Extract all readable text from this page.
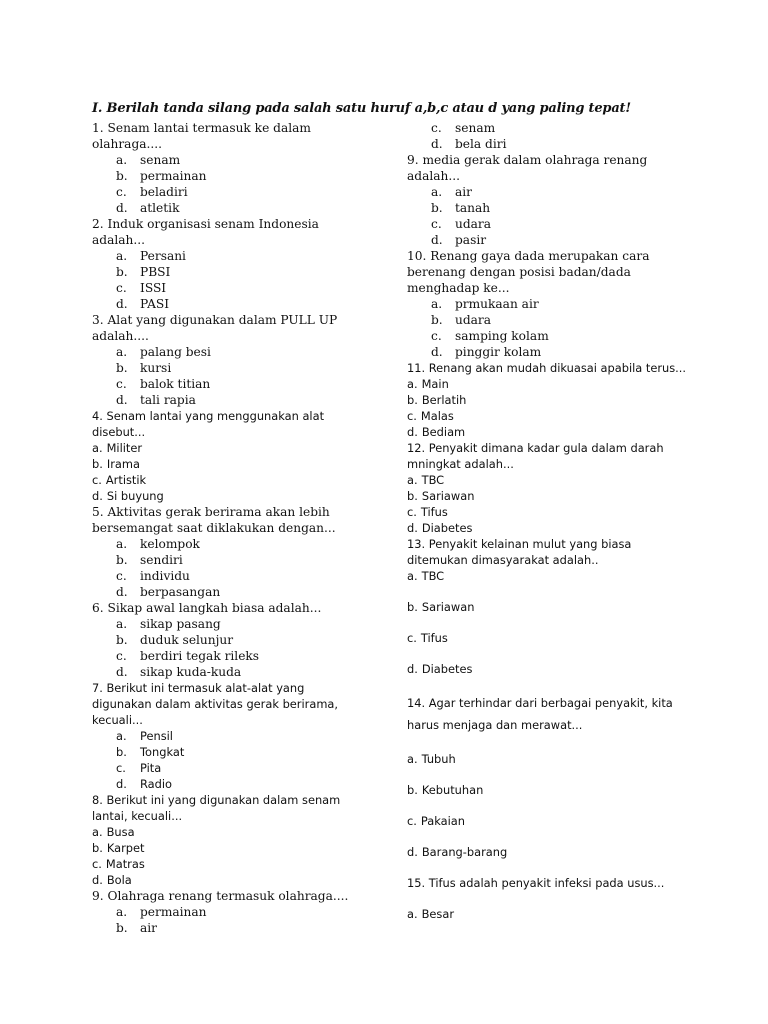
I. Berilah tanda silang pada salah satu huruf a,b,c atau d yang paling tepat!
1. Senam lantai termasuk ke dalam olahraga....
a.	senam
b.	permainan
c.	beladiri
d.	atletik
2. Induk organisasi senam Indonesia adalah...
a.	Persani
b.	PBSI
c.	ISSI
d.	PASI
3. Alat yang digunakan dalam PULL UP adalah....
a.	palang besi
b.	kursi
c.	balok titian
d.	tali rapia
4. Senam lantai yang menggunakan alat disebut...
a. Militer
b. Irama
c. Artistik
d. Si buyung
5. Aktivitas gerak berirama akan lebih bersemangat saat diklakukan dengan...
a.	kelompok
b.	sendiri
c.	individu
d.	berpasangan
6. Sikap awal langkah biasa adalah...
a.	sikap pasang
b.	duduk selunjur
c.	berdiri tegak rileks
d.	sikap kuda-kuda
7. Berikut ini termasuk alat-alat yang digunakan dalam aktivitas gerak berirama, kecuali...
a.	Pensil
b.	Tongkat
c.	Pita
d.	Radio
8. Berikut ini yang digunakan dalam senam lantai, kecuali...
a. Busa
b. Karpet
c. Matras
d. Bola
9. Olahraga renang termasuk olahraga....
a.	permainan
b.	air
c.	senam
d.	bela diri
9. media gerak dalam olahraga renang adalah...
a.	air
b.	tanah
c.	udara
d.	pasir
10. Renang gaya dada merupakan cara berenang dengan posisi badan/dada menghadap ke...
a.	prmukaan air
b.	udara
c.	samping kolam
d.	pinggir kolam
11. Renang akan mudah dikuasai apabila terus...
a. Main
b. Berlatih
c. Malas
d. Bediam
12. Penyakit dimana kadar gula dalam darah mningkat adalah...
a. TBC
b. Sariawan
c. Tifus
d. Diabetes
13. Penyakit kelainan mulut yang biasa ditemukan dimasyarakat adalah..
a. TBC
b. Sariawan
c. Tifus
d. Diabetes
14. Agar terhindar dari berbagai penyakit, kita harus menjaga dan merawat...
a. Tubuh
b. Kebutuhan
c. Pakaian
d. Barang-barang
15. Tifus adalah penyakit infeksi pada usus...
a. Besar
